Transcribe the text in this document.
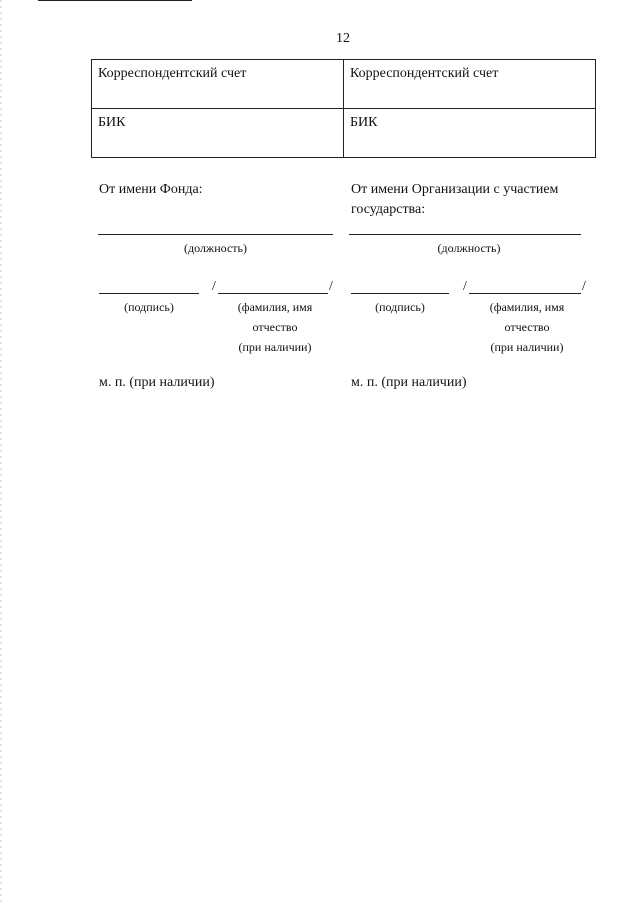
12
Корреспондентский счет	Корреспондентский счет
БИК	БИК
От имени Фонда:
(должность)
/	/
(подпись)	(фамилия, имя
отчество
(при наличии)
м. п. (при наличии)
От имени Организации с участием государства:
(должность)
/	/
(подпись)	(фамилия, имя
отчество
(при наличии)
м. п. (при наличии)
